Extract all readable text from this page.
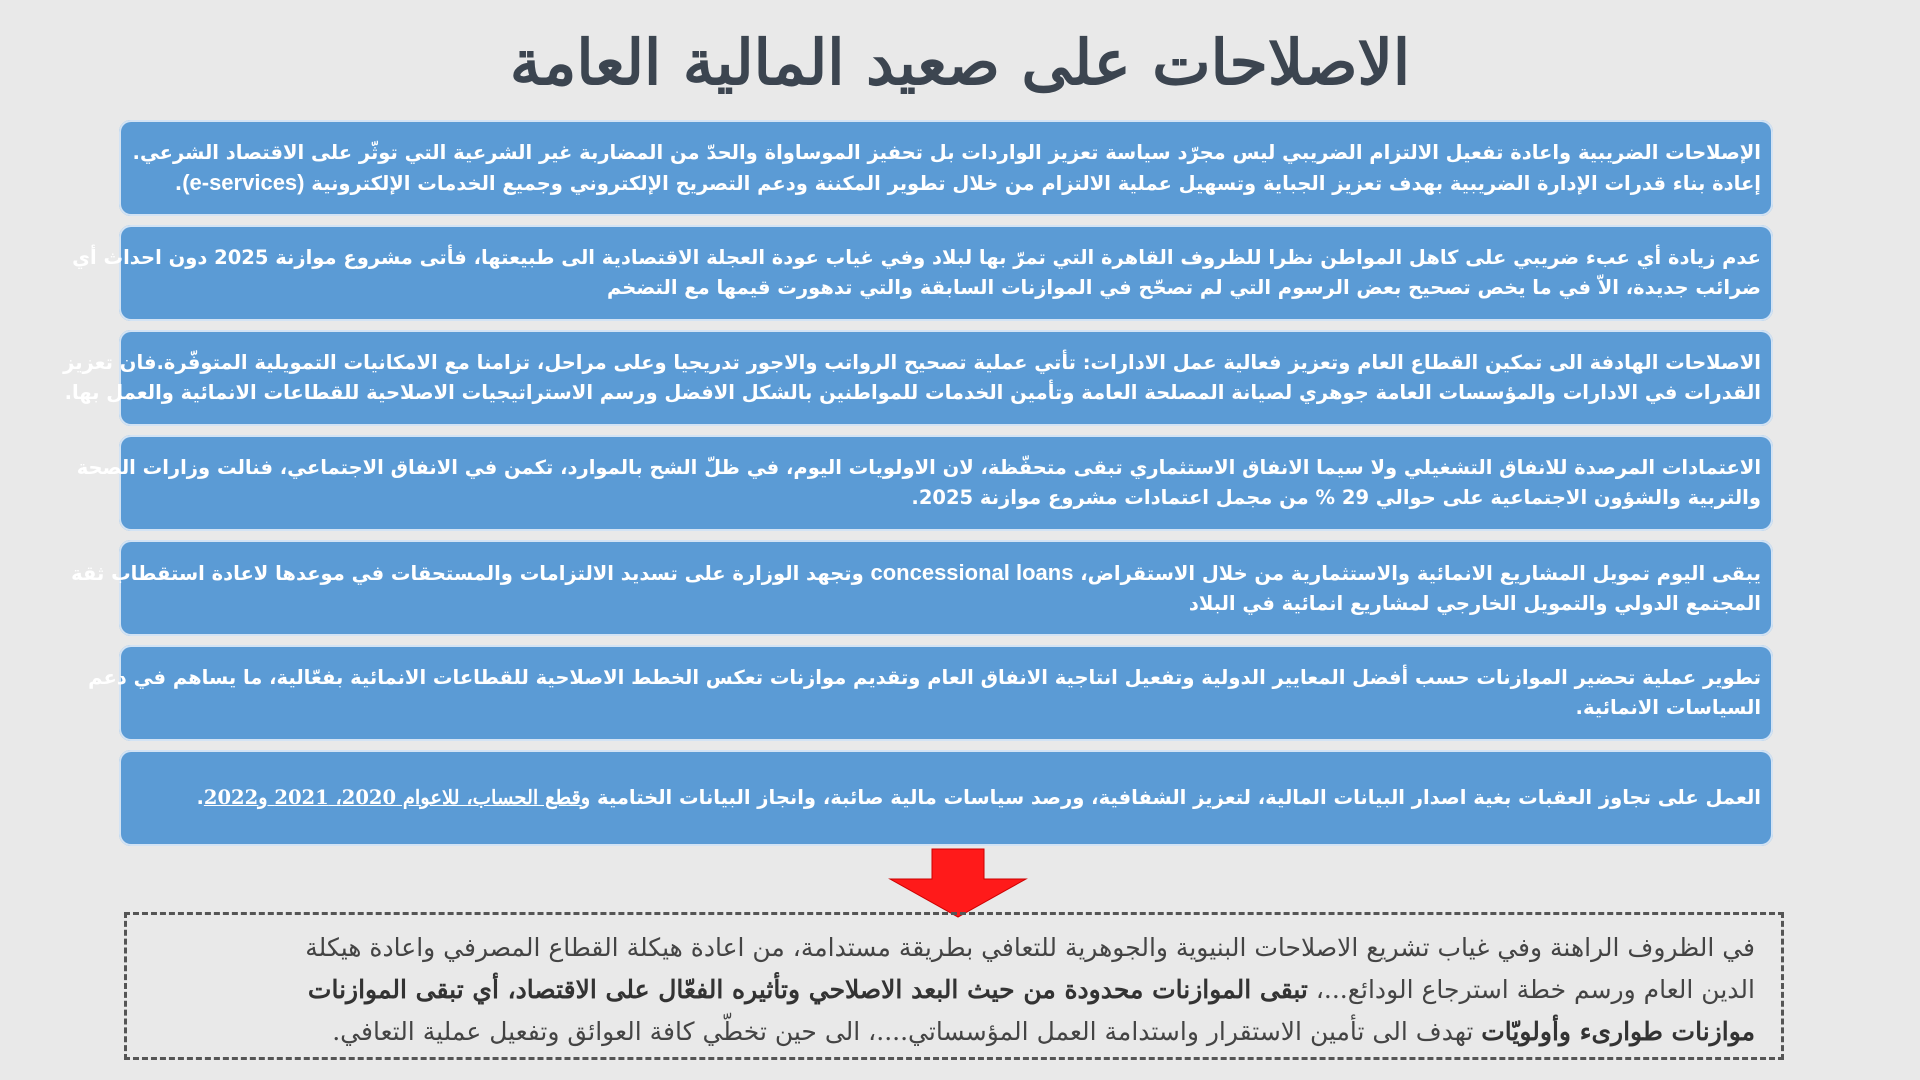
الاصلاحات على صعيد المالية العامة

الإصلاحات الضريبية واعادة تفعيل الالتزام الضريبي ليس مجرّد سياسة تعزيز الواردات بل تحفيز الموساواة والحدّ من المضاربة غير الشرعية التي توثّر على الاقتصاد الشرعي.

إعادة بناء قدرات الإدارة الضريبية بهدف تعزيز الجباية وتسهيل عملية الالتزام من خلال تطوير المكننة ودعم التصريح الإلكتروني وجميع الخدمات الإلكترونية (e-services).

عدم زيادة أي عبء ضريبي على كاهل المواطن نظرا للظروف القاهرة التي تمرّ بها لبلاد وفي غياب عودة العجلة الاقتصادية الى طبيعتها، فأتى مشروع موازنة 2025 دون احداث أي

ضرائب جديدة، الاّ في ما يخص تصحيح بعض الرسوم التي لم تصحّح في الموازنات السابقة والتي تدهورت قيمها مع التضخم

الاصلاحات الهادفة الى تمكين القطاع العام وتعزيز فعالية عمل الادارات: تأتي عملية تصحيح الرواتب والاجور تدريجيا وعلى مراحل، تزامنا مع الامكانيات التمويلية المتوفّرة.فان تعزيز

القدرات في الادارات والمؤسسات العامة جوهري لصيانة المصلحة العامة وتأمين الخدمات للمواطنين بالشكل الافضل ورسم الاستراتيجيات الاصلاحية للقطاعات الانمائية والعمل بها.

الاعتمادات المرصدة للانفاق التشغيلي ولا سيما الانفاق الاستثماري تبقى متحفّظة، لان الاولويات اليوم، في ظلّ الشح بالموارد، تكمن في الانفاق الاجتماعي، فنالت وزارات الصحة

والتربية والشؤون الاجتماعية على حوالي 29 % من مجمل اعتمادات مشروع موازنة 2025.

يبقى اليوم تمويل المشاريع الانمائية والاستثمارية من خلال الاستقراض، concessional loans وتجهد الوزارة على تسديد الالتزامات والمستحقات في موعدها لاعادة استقطاب ثقة

المجتمع الدولي والتمويل الخارجي لمشاريع انمائية في البلاد

تطوير عملية تحضير الموازنات حسب أفضل المعايير الدولية وتفعيل انتاجية الانفاق العام وتقديم موازنات تعكس الخطط الاصلاحية للقطاعات الانمائية بفعّالية، ما يساهم في دعم

السياسات الانمائية.

العمل على تجاوز العقبات بغية اصدار البيانات المالية، لتعزيز الشفافية، ورصد سياسات مالية صائبة، وانجاز البيانات الختامية وقطع الحساب، للاعوام 2020، 2021 و2022.

في الظروف الراهنة وفي غياب تشريع الاصلاحات البنيوية والجوهرية للتعافي بطريقة مستدامة، من اعادة هيكلة القطاع المصرفي واعادة هيكلة

الدين العام ورسم خطة استرجاع الودائع...، تبقى الموازنات محدودة من حيث البعد الاصلاحي وتأثيره الفعّال على الاقتصاد، أي تبقى الموازنات

موازنات طوارىء وأولويّات تهدف الى تأمين الاستقرار واستدامة العمل المؤسساتي....، الى حين تخطّي كافة العوائق وتفعيل عملية التعافي.
